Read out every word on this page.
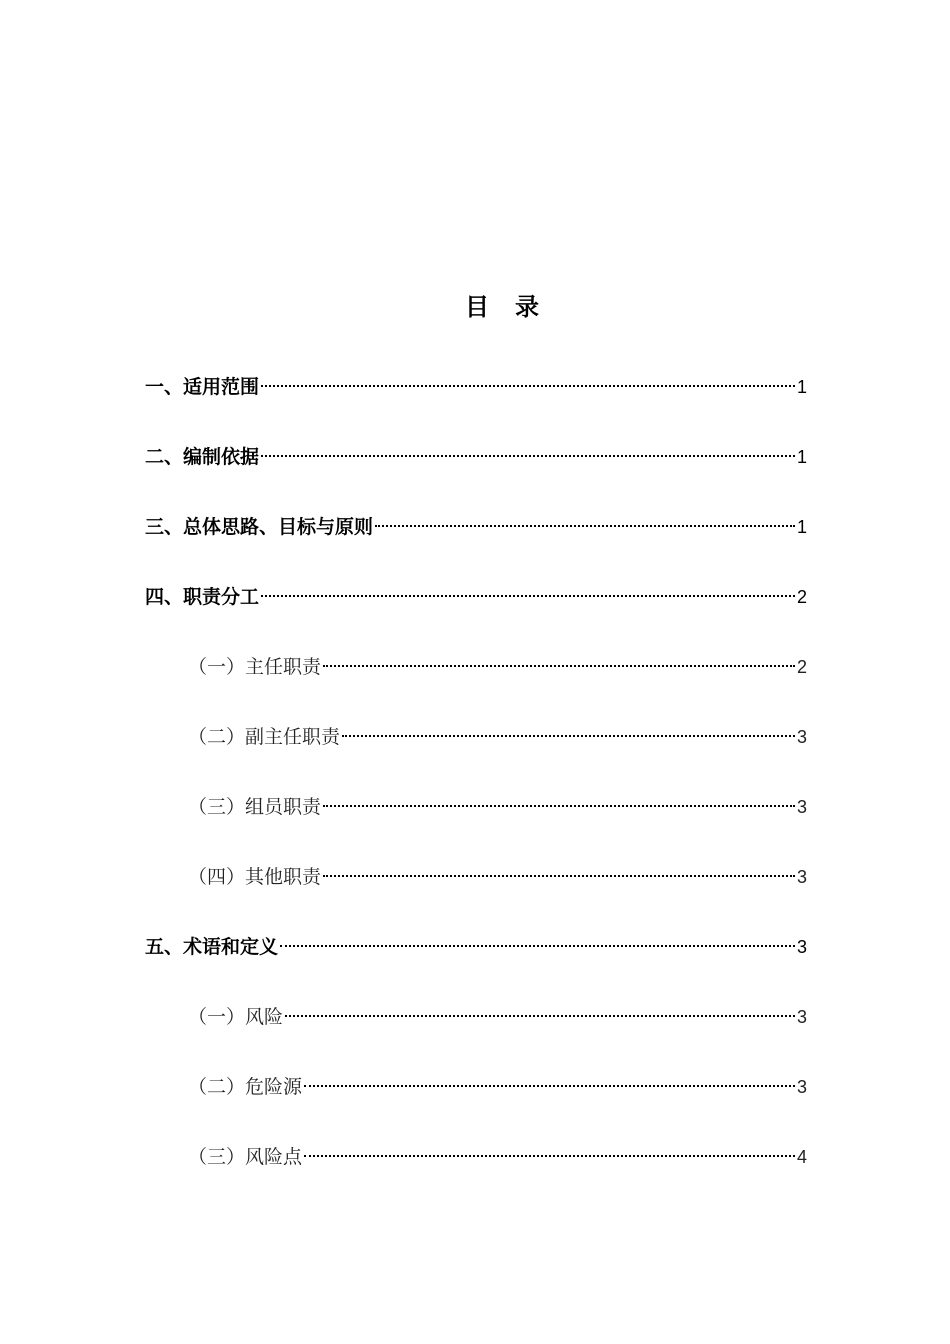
目 录
一、适用范围	1
二、编制依据	1
三、总体思路、目标与原则	1
四、职责分工	2
（一）主任职责	2
（二）副主任职责	3
（三）组员职责	3
（四）其他职责	3
五、术语和定义	3
（一）风险	3
（二）危险源	3
（三）风险点	4
